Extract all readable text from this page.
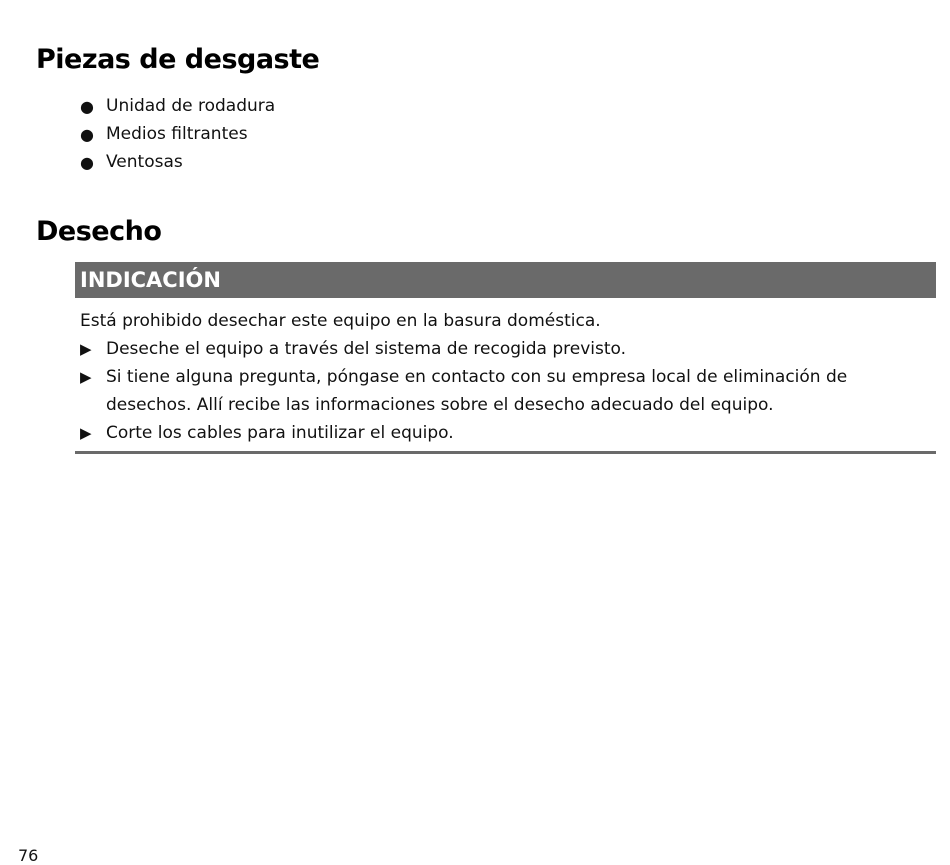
Piezas de desgaste
● Unidad de rodadura
● Medios filtrantes
● Ventosas
Desecho
INDICACIÓN
Está prohibido desechar este equipo en la basura doméstica.
▶ Deseche el equipo a través del sistema de recogida previsto.
▶ Si tiene alguna pregunta, póngase en contacto con su empresa local de eliminación de desechos. Allí recibe las informaciones sobre el desecho adecuado del equipo.
▶ Corte los cables para inutilizar el equipo.
76
